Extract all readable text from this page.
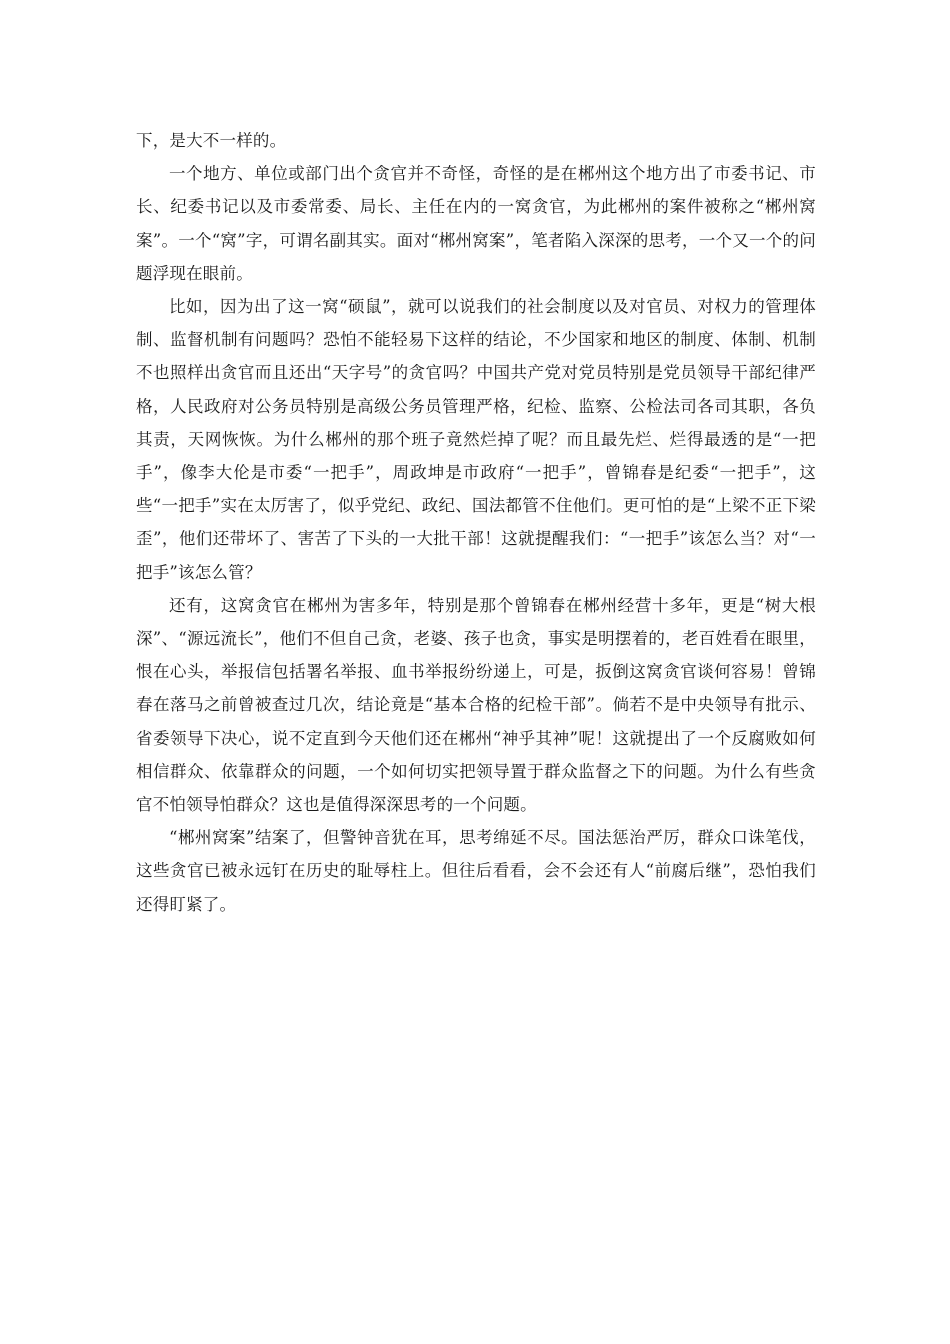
下，是大不一样的。

一个地方、单位或部门出个贪官并不奇怪，奇怪的是在郴州这个地方出了市委书记、市长、纪委书记以及市委常委、局长、主任在内的一窝贪官，为此郴州的案件被称之“郴州窝案”。一个“窝”字，可谓名副其实。面对“郴州窝案”，笔者陷入深深的思考，一个又一个的问题浮现在眼前。

比如，因为出了这一窝“硕鼠”，就可以说我们的社会制度以及对官员、对权力的管理体制、监督机制有问题吗？恐怕不能轻易下这样的结论，不少国家和地区的制度、体制、机制不也照样出贪官而且还出“天字号”的贪官吗？中国共产党对党员特别是党员领导干部纪律严格，人民政府对公务员特别是高级公务员管理严格，纪检、监察、公检法司各司其职，各负其责，天网恢恢。为什么郴州的那个班子竟然烂掉了呢？而且最先烂、烂得最透的是“一把手”，像李大伦是市委“一把手”，周政坤是市政府“一把手”，曾锦春是纪委“一把手”，这些“一把手”实在太厉害了，似乎党纪、政纪、国法都管不住他们。更可怕的是“上梁不正下梁歪”，他们还带坏了、害苦了下头的一大批干部！这就提醒我们：“一把手”该怎么当？对“一把手”该怎么管？

还有，这窝贪官在郴州为害多年，特别是那个曾锦春在郴州经营十多年，更是“树大根深”、“源远流长”，他们不但自己贪，老婆、孩子也贪，事实是明摆着的，老百姓看在眼里，恨在心头，举报信包括署名举报、血书举报纷纷递上，可是，扳倒这窝贪官谈何容易！曾锦春在落马之前曾被查过几次，结论竟是“基本合格的纪检干部”。倘若不是中央领导有批示、省委领导下决心，说不定直到今天他们还在郴州“神乎其神”呢！这就提出了一个反腐败如何相信群众、依靠群众的问题，一个如何切实把领导置于群众监督之下的问题。为什么有些贪官不怕领导怕群众？这也是值得深深思考的一个问题。

“郴州窝案”结案了，但警钟音犹在耳，思考绵延不尽。国法惩治严厉，群众口诛笔伐，这些贪官已被永远钉在历史的耻辱柱上。但往后看看，会不会还有人“前腐后继”，恐怕我们还得盯紧了。
